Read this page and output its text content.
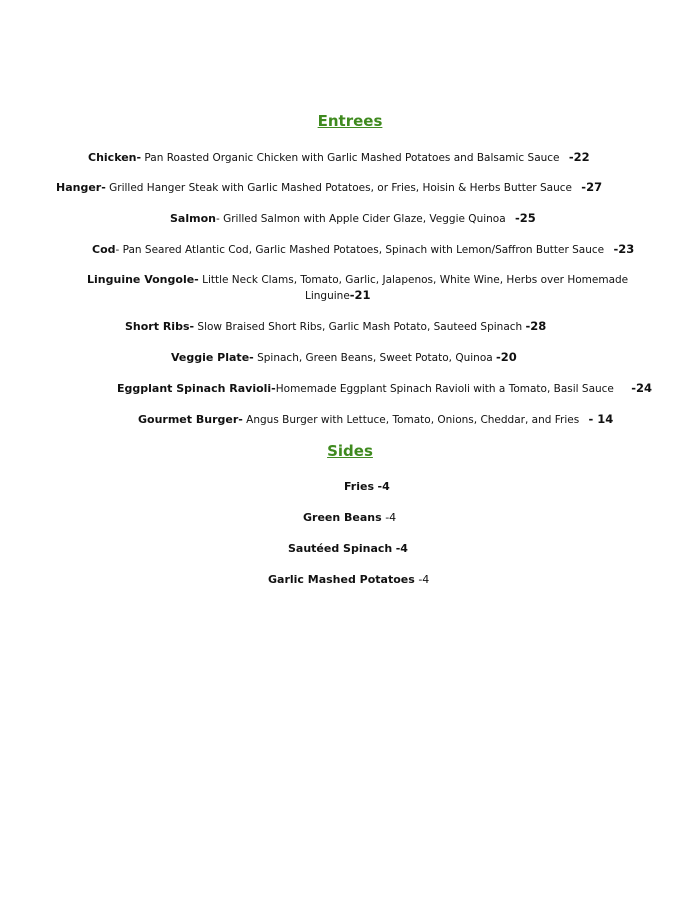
Entrees
Chicken- Pan Roasted Organic Chicken with Garlic Mashed Potatoes and Balsamic Sauce -22
Hanger- Grilled Hanger Steak with Garlic Mashed Potatoes, or Fries, Hoisin & Herbs Butter Sauce -27
Salmon- Grilled Salmon with Apple Cider Glaze, Veggie Quinoa -25
Cod- Pan Seared Atlantic Cod, Garlic Mashed Potatoes, Spinach with Lemon/Saffron Butter Sauce -23
Linguine Vongole- Little Neck Clams, Tomato, Garlic, Jalapenos, White Wine, Herbs over Homemade
Linguine-21
Short Ribs- Slow Braised Short Ribs, Garlic Mash Potato, Sauteed Spinach -28
Veggie Plate- Spinach, Green Beans, Sweet Potato, Quinoa -20
Eggplant Spinach Ravioli-Homemade Eggplant Spinach Ravioli with a Tomato, Basil Sauce -24
Gourmet Burger- Angus Burger with Lettuce, Tomato, Onions, Cheddar, and Fries - 14
Sides
Fries -4
Green Beans -4
Sautéed Spinach -4
Garlic Mashed Potatoes -4
